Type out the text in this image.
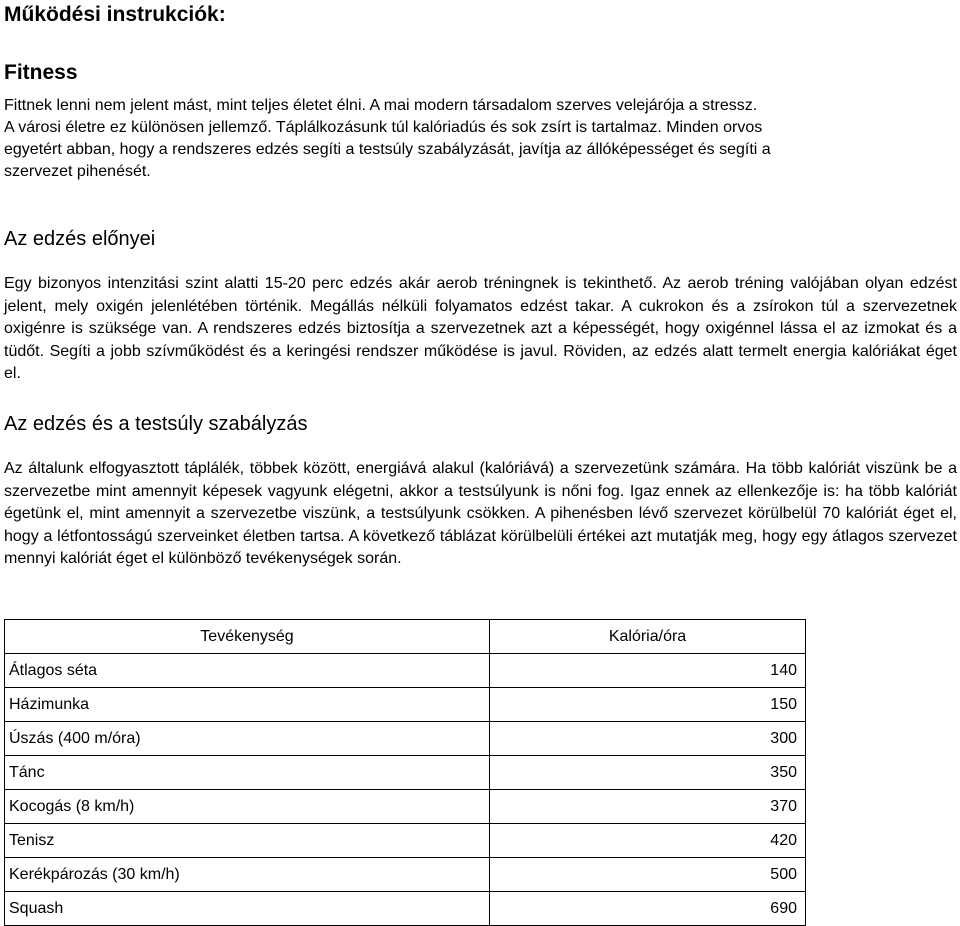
Működési instrukciók:
Fitness

Fittnek lenni nem jelent mást, mint teljes életet élni. A mai modern társadalom szerves velejárója a stressz.
A városi életre ez különösen jellemző. Táplálkozásunk túl kalóriadús és sok zsírt is tartalmaz. Minden orvos
egyetért abban, hogy a rendszeres edzés segíti a testsúly szabályzását, javítja az állóképességet és segíti a
szervezet pihenését.

Az edzés előnyei

Egy bizonyos intenzitási szint alatti 15-20 perc edzés akár aerob tréningnek is tekinthető. Az aerob tréning valójában olyan edzést jelent, mely oxigén jelenlétében történik. Megállás nélküli folyamatos edzést takar. A cukrokon és a zsírokon túl a szervezetnek oxigénre is szüksége van. A rendszeres edzés biztosítja a szervezetnek azt a képességét, hogy oxigénnel lássa el az izmokat és a tüdőt. Segíti a jobb szívműködést és a keringési rendszer működése is javul. Röviden, az edzés alatt termelt energia kalóriákat éget el.

Az edzés és a testsúly szabályzás

Az általunk elfogyasztott táplálék, többek között, energiává alakul (kalóriává) a szervezetünk számára. Ha több kalóriát viszünk be a szervezetbe mint amennyit képesek vagyunk elégetni, akkor a testsúlyunk is nőni fog. Igaz ennek az ellenkezője is: ha több kalóriát égetünk el, mint amennyit a szervezetbe viszünk, a testsúlyunk csökken. A pihenésben lévő szervezet körülbelül 70 kalóriát éget el, hogy a létfontosságú szerveinket életben tartsa. A következő táblázat körülbelüli értékei azt mutatják meg, hogy egy átlagos szervezet mennyi kalóriát éget el különböző tevékenységek során.

Tevékenység	Kalória/óra
Átlagos séta	140
Házimunka	150
Úszás (400 m/óra)	300
Tánc	350
Kocogás (8 km/h)	370
Tenisz	420
Kerékpározás (30 km/h)	500
Squash	690
